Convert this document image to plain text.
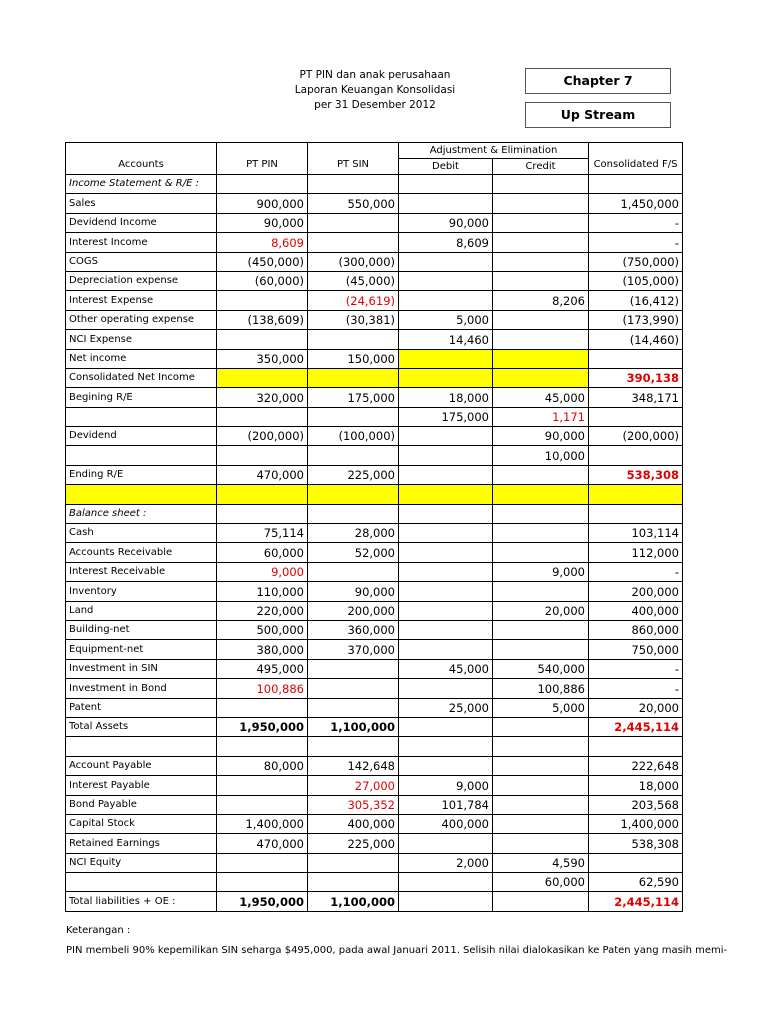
PT PIN dan anak perusahaan
Laporan Keuangan Konsolidasi
per 31 Desember 2012
Chapter 7
Up Stream
Accounts	PT PIN	PT SIN	Adjustment & Elimination		Consolidated F/S
			Debit	Credit	
Income Statement & R/E :					
Sales	900,000	550,000			1,450,000
Devidend Income	90,000		90,000		-
Interest Income	8,609		8,609		-
COGS	(450,000)	(300,000)			(750,000)
Depreciation expense	(60,000)	(45,000)			(105,000)
Interest Expense		(24,619)		8,206	(16,412)
Other operating expense	(138,609)	(30,381)	5,000		(173,990)
NCI Expense			14,460		(14,460)
Net income	350,000	150,000			
Consolidated Net Income					390,138
Begining R/E	320,000	175,000	18,000	45,000	348,171
			175,000	1,171	
Devidend	(200,000)	(100,000)		90,000	(200,000)
				10,000	
Ending R/E	470,000	225,000			538,308

Balance sheet :					
Cash	75,114	28,000			103,114
Accounts Receivable	60,000	52,000			112,000
Interest Receivable	9,000			9,000	-
Inventory	110,000	90,000			200,000
Land	220,000	200,000		20,000	400,000
Building-net	500,000	360,000			860,000
Equipment-net	380,000	370,000			750,000
Investment in SIN	495,000		45,000	540,000	-
Investment in Bond	100,886			100,886	-
Patent			25,000	5,000	20,000
Total Assets	1,950,000	1,100,000			2,445,114

Account Payable	80,000	142,648			222,648
Interest Payable		27,000	9,000		18,000
Bond Payable		305,352	101,784		203,568
Capital Stock	1,400,000	400,000	400,000		1,400,000
Retained Earnings	470,000	225,000			538,308
NCI Equity			2,000	4,590	
				60,000	62,590
Total liabilities + OE :	1,950,000	1,100,000			2,445,114
Keterangan :
PIN membeli 90% kepemilikan SIN seharga $495,000, pada awal Januari 2011. Selisih nilai dialokasikan ke Paten yang masih memi-
